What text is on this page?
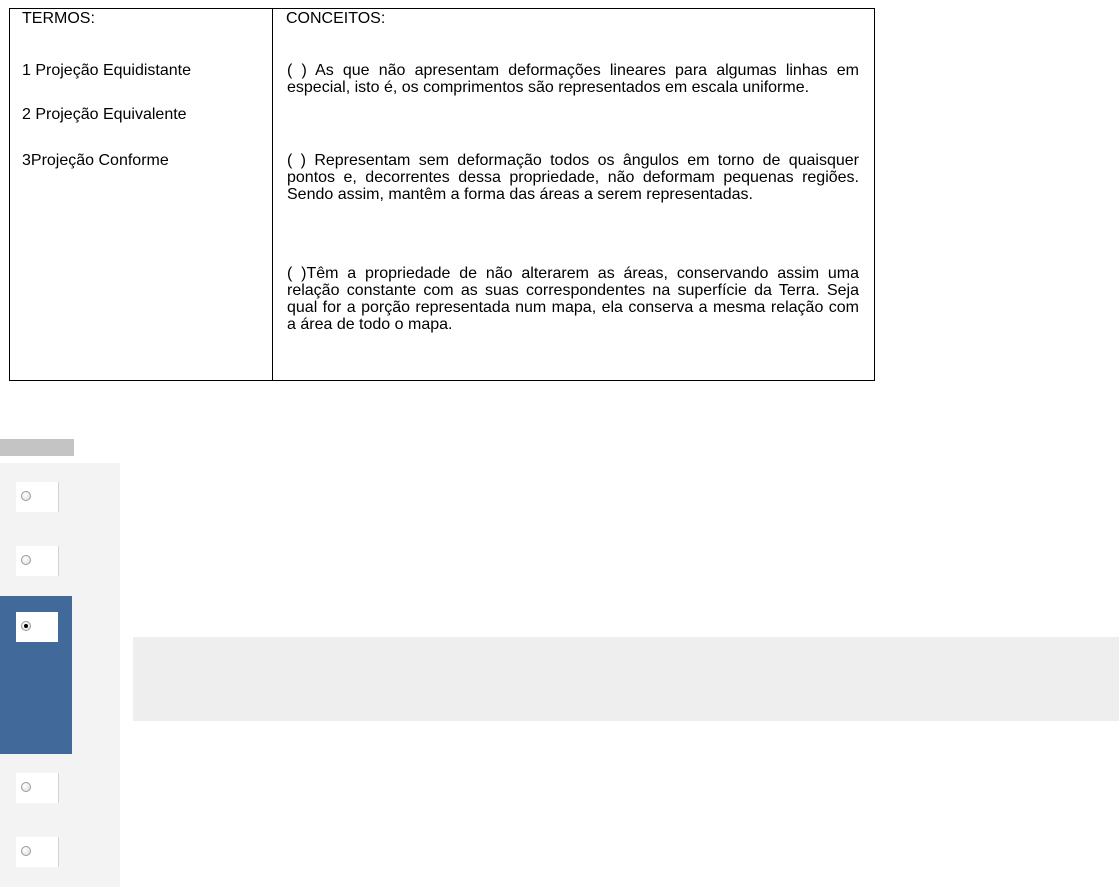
TERMOS:	CONCEITOS:
1 Projeção Equidistante
2 Projeção Equivalente
3Projeção Conforme
( ) As que não apresentam deformações lineares para algumas linhas em especial, isto é, os comprimentos são representados em escala uniforme.
( ) Representam sem deformação todos os ângulos em torno de quaisquer pontos e, decorrentes dessa propriedade, não deformam pequenas regiões. Sendo assim, mantêm a forma das áreas a serem representadas.
( )Têm a propriedade de não alterarem as áreas, conservando assim uma relação constante com as suas correspondentes na superfície da Terra. Seja qual for a porção representada num mapa, ela conserva a mesma relação com a área de todo o mapa.
